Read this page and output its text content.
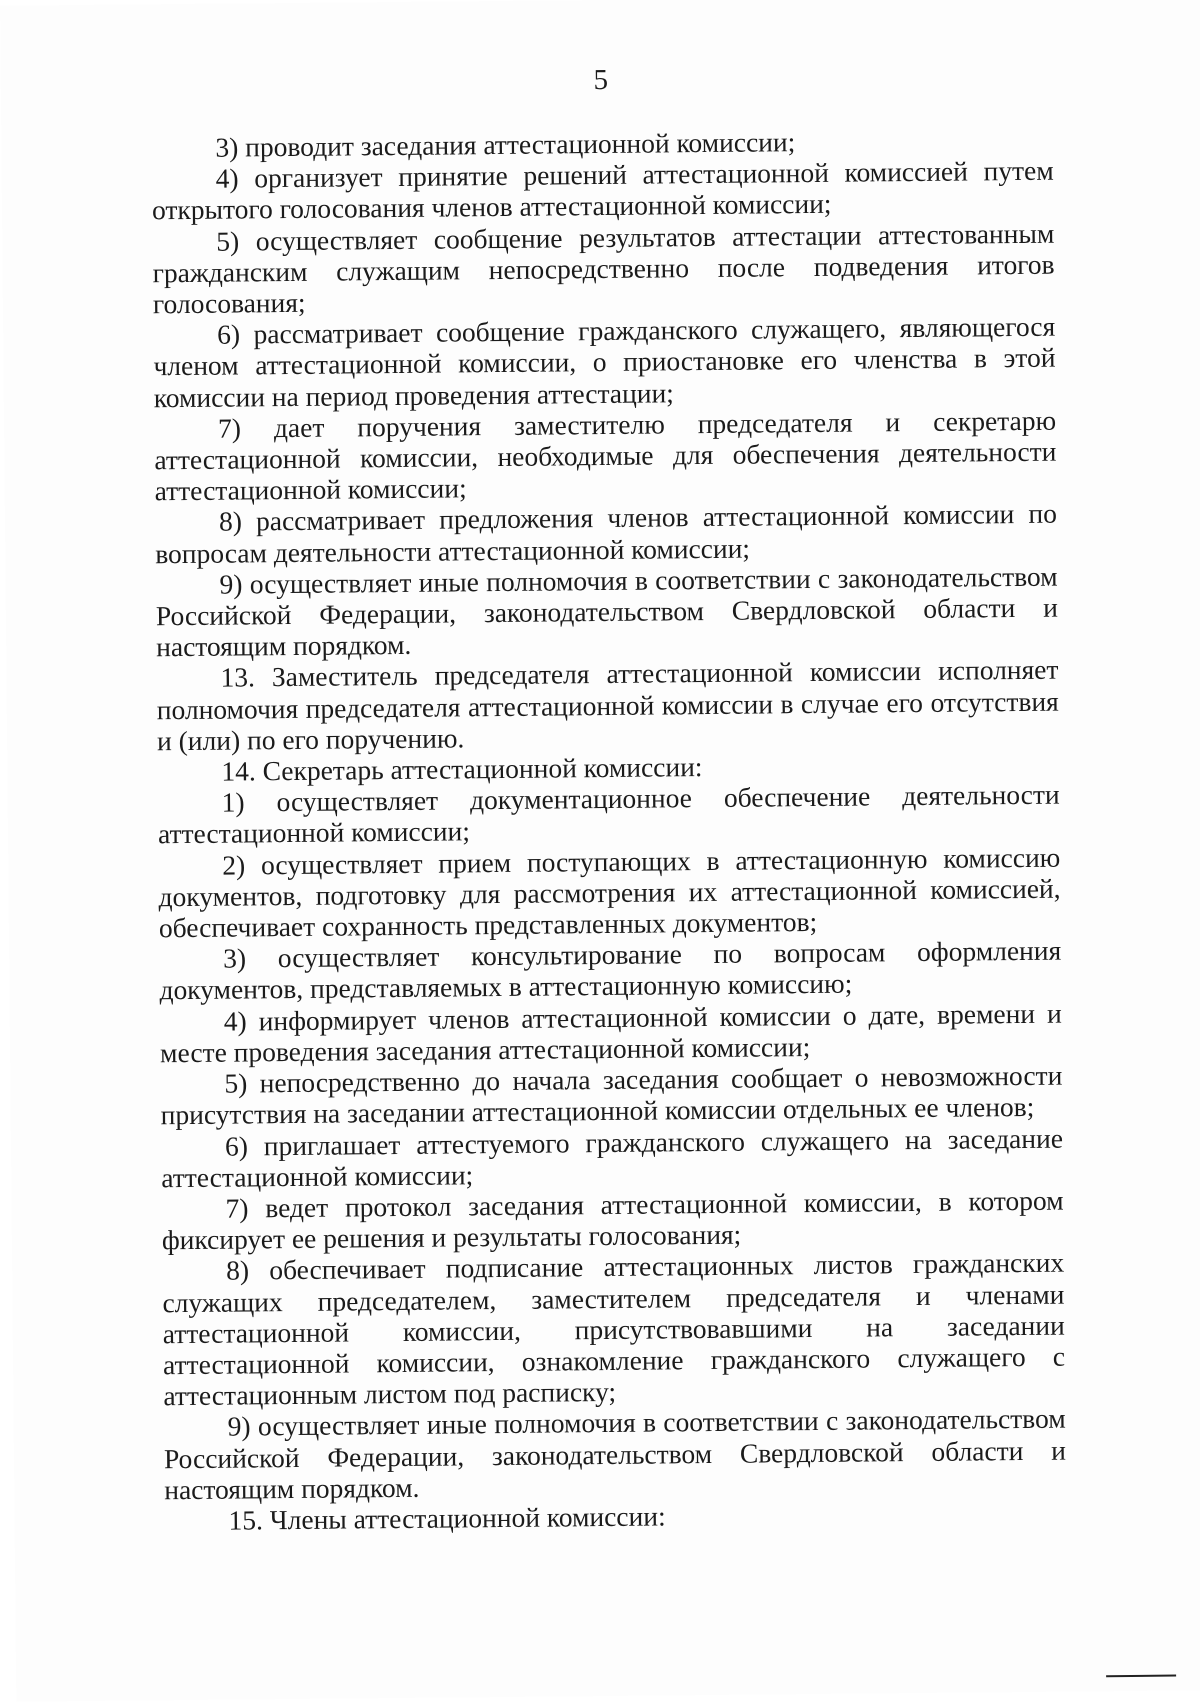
5

3) проводит заседания аттестационной комиссии;

4) организует принятие решений аттестационной комиссией путем открытого голосования членов аттестационной комиссии;

5) осуществляет сообщение результатов аттестации аттестованным гражданским служащим непосредственно после подведения итогов голосования;

6) рассматривает сообщение гражданского служащего, являющегося членом аттестационной комиссии, о приостановке его членства в этой комиссии на период проведения аттестации;

7) дает поручения заместителю председателя и секретарю аттестационной комиссии, необходимые для обеспечения деятельности аттестационной комиссии;

8) рассматривает предложения членов аттестационной комиссии по вопросам деятельности аттестационной комиссии;

9) осуществляет иные полномочия в соответствии с законодательством Российской Федерации, законодательством Свердловской области и настоящим порядком.

13. Заместитель председателя аттестационной комиссии исполняет полномочия председателя аттестационной комиссии в случае его отсутствия и (или) по его поручению.

14. Секретарь аттестационной комиссии:

1) осуществляет документационное обеспечение деятельности аттестационной комиссии;

2) осуществляет прием поступающих в аттестационную комиссию документов, подготовку для рассмотрения их аттестационной комиссией, обеспечивает сохранность представленных документов;

3) осуществляет консультирование по вопросам оформления документов, представляемых в аттестационную комиссию;

4) информирует членов аттестационной комиссии о дате, времени и месте проведения заседания аттестационной комиссии;

5) непосредственно до начала заседания сообщает о невозможности присутствия на заседании аттестационной комиссии отдельных ее членов;

6) приглашает аттестуемого гражданского служащего на заседание аттестационной комиссии;

7) ведет протокол заседания аттестационной комиссии, в котором фиксирует ее решения и результаты голосования;

8) обеспечивает подписание аттестационных листов гражданских служащих председателем, заместителем председателя и членами аттестационной комиссии, присутствовавшими на заседании аттестационной комиссии, ознакомление гражданского служащего с аттестационным листом под расписку;

9) осуществляет иные полномочия в соответствии с законодательством Российской Федерации, законодательством Свердловской области и настоящим порядком.

15. Члены аттестационной комиссии:
